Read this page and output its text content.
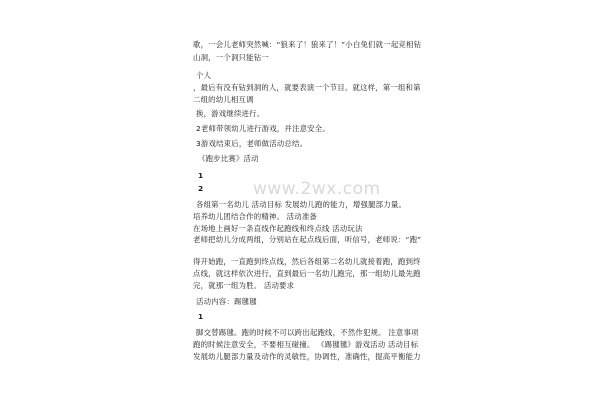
歌，一会儿老师突然喊：“狼来了！狼来了！”小白兔们就一起竞相钻
山洞，一个洞只能钻一
个人
，最后有没有钻到洞的人，就要表演一个节目。就这样，第一组和第
二组的幼儿相互调
换，游戏继续进行。
2老师带领幼儿进行游戏，并注意安全。
3游戏结束后，老师做活动总结。
《跑步比赛》活动
1
2
各组第一名幼儿 活动目标 发展幼儿跑的能力，增强腿部力量。
培养幼儿团结合作的精神。 活动准备
在场地上画好一条直线作起跑线和终点线 活动玩法
老师把幼儿分成两组，分别站在起点线后面，听信号，老师说：“跑”
得开始跑，一直跑到终点线，然后各组第二名幼儿就接着跑，跑到终
点线，就这样依次进行，直到最后一名幼儿跑完，那一组幼儿最先跑
完，就那一组为胜。 活动要求
活动内容：踢毽毽
1
脚交替踢毽。跑的时候不可以跨出起跑线，不然作犯规。 注意事项
跑的时候注意安全，不要相互碰撞。 《踢毽毽》游戏活动 活动目标
发展幼儿腿部力量及动作的灵敏性，协调性，准确性，提高平衡能力
www.2wx.com
